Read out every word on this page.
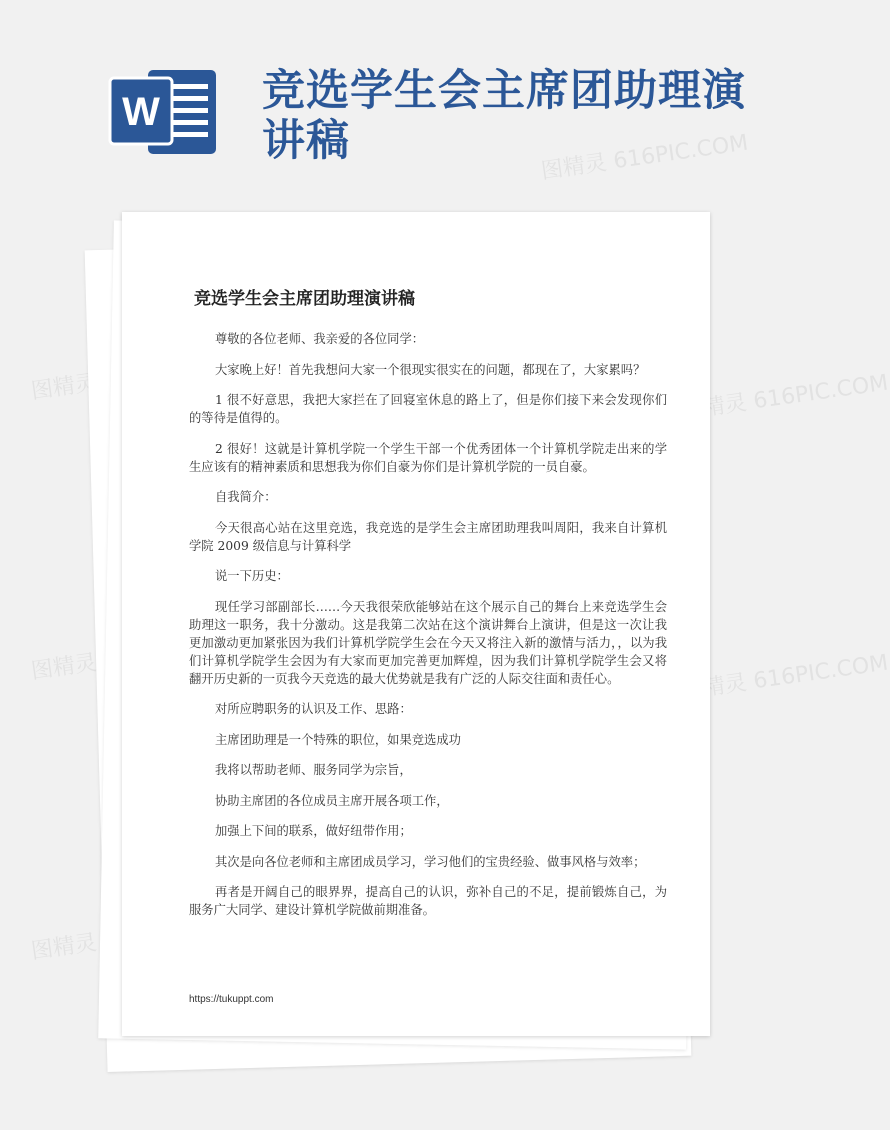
W 竞选学生会主席团助理演讲稿	图精灵 616PIC.COM
图精灵	图精灵 616PIC.COM
图精灵	图精灵 616PIC.COM
图精灵
竞选学生会主席团助理演讲稿

尊敬的各位老师、我亲爱的各位同学：

大家晚上好！首先我想问大家一个很现实很实在的问题，都现在了，大家累吗？

1 很不好意思，我把大家拦在了回寝室休息的路上了，但是你们接下来会发现你们的等待是值得的。

2 很好！这就是计算机学院一个学生干部一个优秀团体一个计算机学院走出来的学生应该有的精神素质和思想我为你们自豪为你们是计算机学院的一员自豪。

自我简介：

今天很高心站在这里竞选，我竞选的是学生会主席团助理我叫周阳，我来自计算机学院 2009 级信息与计算科学

说一下历史：

现任学习部副部长……今天我很荣欣能够站在这个展示自己的舞台上来竞选学生会助理这一职务，我十分激动。这是我第二次站在这个演讲舞台上演讲，但是这一次让我更加激动更加紧张因为我们计算机学院学生会在今天又将注入新的激情与活力，，以为我们计算机学院学生会因为有大家而更加完善更加辉煌，因为我们计算机学院学生会又将翻开历史新的一页我今天竞选的最大优势就是我有广泛的人际交往面和责任心。

对所应聘职务的认识及工作、思路：

主席团助理是一个特殊的职位，如果竞选成功

我将以帮助老师、服务同学为宗旨，

协助主席团的各位成员主席开展各项工作，

加强上下间的联系，做好纽带作用；

其次是向各位老师和主席团成员学习，学习他们的宝贵经验、做事风格与效率；

再者是开阔自己的眼界界，提高自己的认识，弥补自己的不足，提前锻炼自己，为服务广大同学、建设计算机学院做前期准备。

https://tukuppt.com
